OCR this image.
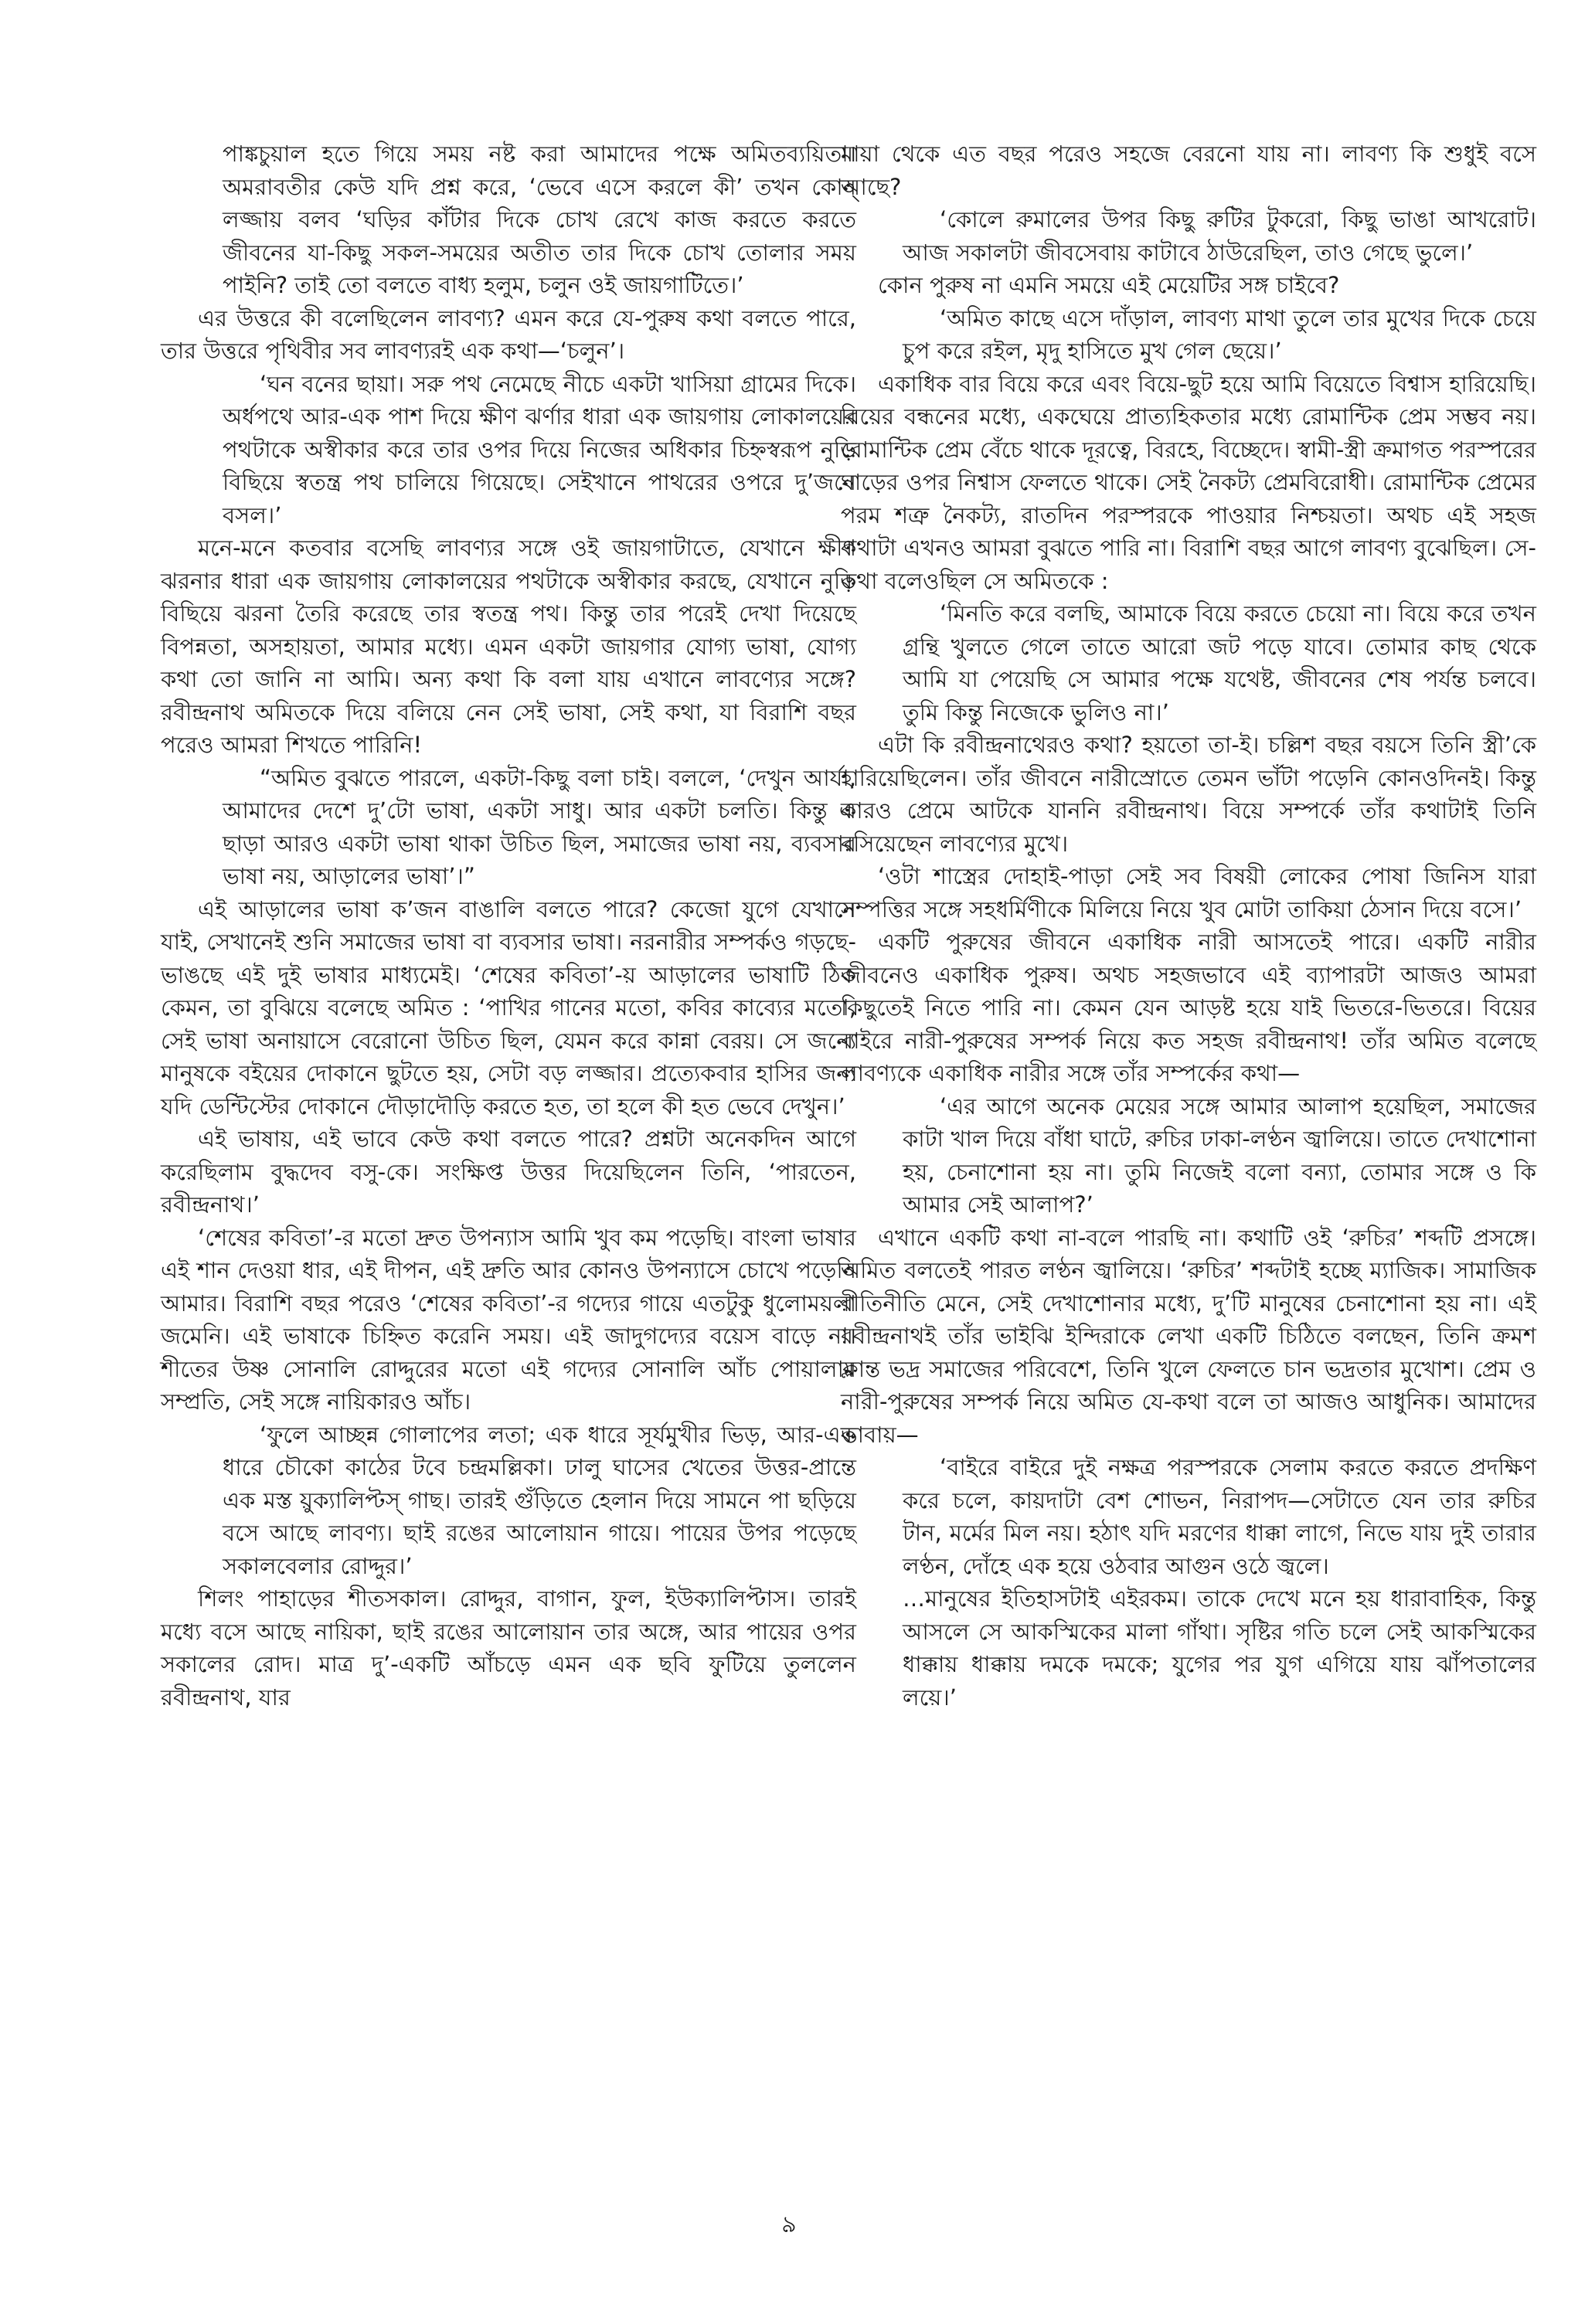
পাঙ্কচুয়াল হতে গিয়ে সময় নষ্ট করা আমাদের পক্ষে অমিতব্যয়িতা। অমরাবতীর কেউ যদি প্রশ্ন করে, ‘ভেবে এসে করলে কী’ তখন কোন্‌ লজ্জায় বলব ‘ঘড়ির কাঁটার দিকে চোখ রেখে কাজ করতে করতে জীবনের যা-কিছু সকল-সময়ের অতীত তার দিকে চোখ তোলার সময় পাইনি? তাই তো বলতে বাধ্য হলুম, চলুন ওই জায়গাটিতে।’

এর উত্তরে কী বলেছিলেন লাবণ্য? এমন করে যে-পুরুষ কথা বলতে পারে, তার উত্তরে পৃথিবীর সব লাবণ্যরই এক কথা—‘চলুন’।

‘ঘন বনের ছায়া। সরু পথ নেমেছে নীচে একটা খাসিয়া গ্রামের দিকে। অর্ধপথে আর-এক পাশ দিয়ে ক্ষীণ ঝর্ণার ধারা এক জায়গায় লোকালয়ের পথটাকে অস্বীকার করে তার ওপর দিয়ে নিজের অধিকার চিহ্নস্বরূপ নুড়ি বিছিয়ে স্বতন্ত্র পথ চালিয়ে গিয়েছে। সেইখানে পাথরের ওপরে দু’জনে বসল।’

মনে-মনে কতবার বসেছি লাবণ্যর সঙ্গে ওই জায়গাটাতে, যেখানে ক্ষীণ ঝরনার ধারা এক জায়গায় লোকালয়ের পথটাকে অস্বীকার করছে, যেখানে নুড়ি বিছিয়ে ঝরনা তৈরি করেছে তার স্বতন্ত্র পথ। কিন্তু তার পরেই দেখা দিয়েছে বিপন্নতা, অসহায়তা, আমার মধ্যে। এমন একটা জায়গার যোগ্য ভাষা, যোগ্য কথা তো জানি না আমি। অন্য কথা কি বলা যায় এখানে লাবণ্যের সঙ্গে? রবীন্দ্রনাথ অমিতকে দিয়ে বলিয়ে নেন সেই ভাষা, সেই কথা, যা বিরাশি বছর পরেও আমরা শিখতে পারিনি!

“অমিত বুঝতে পারলে, একটা-কিছু বলা চাই। বললে, ‘দেখুন আর্যা, আমাদের দেশে দু’টো ভাষা, একটা সাধু। আর একটা চলতি। কিন্তু এ ছাড়া আরও একটা ভাষা থাকা উচিত ছিল, সমাজের ভাষা নয়, ব্যবসার ভাষা নয়, আড়ালের ভাষা’।”

এই আড়ালের ভাষা ক’জন বাঙালি বলতে পারে? কেজো যুগে যেখানে যাই, সেখানেই শুনি সমাজের ভাষা বা ব্যবসার ভাষা। নরনারীর সম্পর্কও গড়ছে-ভাঙছে এই দুই ভাষার মাধ্যমেই। ‘শেষের কবিতা’-য় আড়ালের ভাষাটি ঠিক কেমন, তা বুঝিয়ে বলেছে অমিত : ‘পাখির গানের মতো, কবির কাব্যের মতো, সেই ভাষা অনায়াসে বেরোনো উচিত ছিল, যেমন করে কান্না বেরয়। সে জন্যে মানুষকে বইয়ের দোকানে ছুটতে হয়, সেটা বড় লজ্জার। প্রত্যেকবার হাসির জন্য যদি ডেন্টিস্টের দোকানে দৌড়াদৌড়ি করতে হত, তা হলে কী হত ভেবে দেখুন।’

এই ভাষায়, এই ভাবে কেউ কথা বলতে পারে? প্রশ্নটা অনেকদিন আগে করেছিলাম বুদ্ধদেব বসু-কে। সংক্ষিপ্ত উত্তর দিয়েছিলেন তিনি, ‘পারতেন, রবীন্দ্রনাথ।’

‘শেষের কবিতা’-র মতো দ্রুত উপন্যাস আমি খুব কম পড়েছি। বাংলা ভাষার এই শান দেওয়া ধার, এই দীপন, এই দ্রুতি আর কোনও উপন্যাসে চোখে পড়েনি আমার। বিরাশি বছর পরেও ‘শেষের কবিতা’-র গদ্যের গায়ে এতটুকু ধুলোময়লা জমেনি। এই ভাষাকে চিহ্নিত করেনি সময়। এই জাদুগদ্যের বয়েস বাড়ে না। শীতের উষ্ণ সোনালি রোদ্দুরের মতো এই গদ্যের সোনালি আঁচ পোয়ালাম সম্প্রতি, সেই সঙ্গে নায়িকারও আঁচ।

‘ফুলে আচ্ছন্ন গোলাপের লতা; এক ধারে সূর্যমুখীর ভিড়, আর-এক ধারে চৌকো কাঠের টবে চন্দ্রমল্লিকা। ঢালু ঘাসের খেতের উত্তর-প্রান্তে এক মস্ত য়ুক্যালিপ্টস্‌ গাছ। তারই গুঁড়িতে হেলান দিয়ে সামনে পা ছড়িয়ে বসে আছে লাবণ্য। ছাই রঙের আলোয়ান গায়ে। পায়ের উপর পড়েছে সকালবেলার রোদ্দুর।’

শিলং পাহাড়ের শীতসকাল। রোদ্দুর, বাগান, ফুল, ইউক্যালিপ্টাস। তারই মধ্যে বসে আছে নায়িকা, ছাই রঙের আলোয়ান তার অঙ্গে, আর পায়ের ওপর সকালের রোদ। মাত্র দু’-একটি আঁচড়ে এমন এক ছবি ফুটিয়ে তুললেন রবীন্দ্রনাথ, যার

মায়া থেকে এত বছর পরেও সহজে বেরনো যায় না। লাবণ্য কি শুধুই বসে আছে?

‘কোলে রুমালের উপর কিছু রুটির টুকরো, কিছু ভাঙা আখরোট। আজ সকালটা জীবসেবায় কাটাবে ঠাউরেছিল, তাও গেছে ভুলে।’

কোন পুরুষ না এমনি সময়ে এই মেয়েটির সঙ্গ চাইবে?

‘অমিত কাছে এসে দাঁড়াল, লাবণ্য মাথা তুলে তার মুখের দিকে চেয়ে চুপ করে রইল, মৃদু হাসিতে মুখ গেল ছেয়ে।’

একাধিক বার বিয়ে করে এবং বিয়ে-ছুট হয়ে আমি বিয়েতে বিশ্বাস হারিয়েছি। বিয়ের বন্ধনের মধ্যে, একঘেয়ে প্রাত্যহিকতার মধ্যে রোমান্টিক প্রেম সম্ভব নয়। রোমান্টিক প্রেম বেঁচে থাকে দূরত্বে, বিরহে, বিচ্ছেদে। স্বামী-স্ত্রী ক্রমাগত পরস্পরের ঘাড়ের ওপর নিশ্বাস ফেলতে থাকে। সেই নৈকট্য প্রেমবিরোধী। রোমান্টিক প্রেমের পরম শত্রু নৈকট্য, রাতদিন পরস্পরকে পাওয়ার নিশ্চয়তা। অথচ এই সহজ কথাটা এখনও আমরা বুঝতে পারি না। বিরাশি বছর আগে লাবণ্য বুঝেছিল। সে-কথা বলেওছিল সে অমিতকে :

‘মিনতি করে বলছি, আমাকে বিয়ে করতে চেয়ো না। বিয়ে করে তখন গ্রন্থি খুলতে গেলে তাতে আরো জট পড়ে যাবে। তোমার কাছ থেকে আমি যা পেয়েছি সে আমার পক্ষে যথেষ্ট, জীবনের শেষ পর্যন্ত চলবে। তুমি কিন্তু নিজেকে ভুলিও না।’

এটা কি রবীন্দ্রনাথেরও কথা? হয়তো তা-ই। চল্লিশ বছর বয়সে তিনি স্ত্রী’কে হারিয়েছিলেন। তাঁর জীবনে নারীস্রোতে তেমন ভাঁটা পড়েনি কোনওদিনই। কিন্তু কারও প্রেমে আটকে যাননি রবীন্দ্রনাথ। বিয়ে সম্পর্কে তাঁর কথাটাই তিনি বসিয়েছেন লাবণ্যের মুখে।

‘ওটা শাস্ত্রের দোহাই-পাড়া সেই সব বিষয়ী লোকের পোষা জিনিস যারা সম্পত্তির সঙ্গে সহধর্মিণীকে মিলিয়ে নিয়ে খুব মোটা তাকিয়া ঠেসান দিয়ে বসে।’

একটি পুরুষের জীবনে একাধিক নারী আসতেই পারে। একটি নারীর জীবনেও একাধিক পুরুষ। অথচ সহজভাবে এই ব্যাপারটা আজও আমরা কিছুতেই নিতে পারি না। কেমন যেন আড়ষ্ট হয়ে যাই ভিতরে-ভিতরে। বিয়ের বাইরে নারী-পুরুষের সম্পর্ক নিয়ে কত সহজ রবীন্দ্রনাথ! তাঁর অমিত বলেছে লাবণ্যকে একাধিক নারীর সঙ্গে তাঁর সম্পর্কের কথা—

‘এর আগে অনেক মেয়ের সঙ্গে আমার আলাপ হয়েছিল, সমাজের কাটা খাল দিয়ে বাঁধা ঘাটে, রুচির ঢাকা-লণ্ঠন জ্বালিয়ে। তাতে দেখাশোনা হয়, চেনাশোনা হয় না। তুমি নিজেই বলো বন্যা, তোমার সঙ্গে ও কি আমার সেই আলাপ?’

এখানে একটি কথা না-বলে পারছি না। কথাটি ওই ‘রুচির’ শব্দটি প্রসঙ্গে। অমিত বলতেই পারত লণ্ঠন জ্বালিয়ে। ‘রুচির’ শব্দটাই হচ্ছে ম্যাজিক। সামাজিক রীতিনীতি মেনে, সেই দেখাশোনার মধ্যে, দু’টি মানুষের চেনাশোনা হয় না। এই রবীন্দ্রনাথই তাঁর ভাইঝি ইন্দিরাকে লেখা একটি চিঠিতে বলছেন, তিনি ক্রমশ ক্লান্ত ভদ্র সমাজের পরিবেশে, তিনি খুলে ফেলতে চান ভদ্রতার মুখোশ। প্রেম ও নারী-পুরুষের সম্পর্ক নিয়ে অমিত যে-কথা বলে তা আজও আধুনিক। আমাদের ভাবায়—

‘বাইরে বাইরে দুই নক্ষত্র পরস্পরকে সেলাম করতে করতে প্রদক্ষিণ করে চলে, কায়দাটা বেশ শোভন, নিরাপদ—সেটাতে যেন তার রুচির টান, মর্মের মিল নয়। হঠাৎ যদি মরণের ধাক্কা লাগে, নিভে যায় দুই তারার লণ্ঠন, দোঁহে এক হয়ে ওঠবার আগুন ওঠে জ্বলে।

…মানুষের ইতিহাসটাই এইরকম। তাকে দেখে মনে হয় ধারাবাহিক, কিন্তু আসলে সে আকস্মিকের মালা গাঁথা। সৃষ্টির গতি চলে সেই আকস্মিকের ধাক্কায় ধাক্কায় দমকে দমকে; যুগের পর যুগ এগিয়ে যায় ঝাঁপতালের লয়ে।’

৯
